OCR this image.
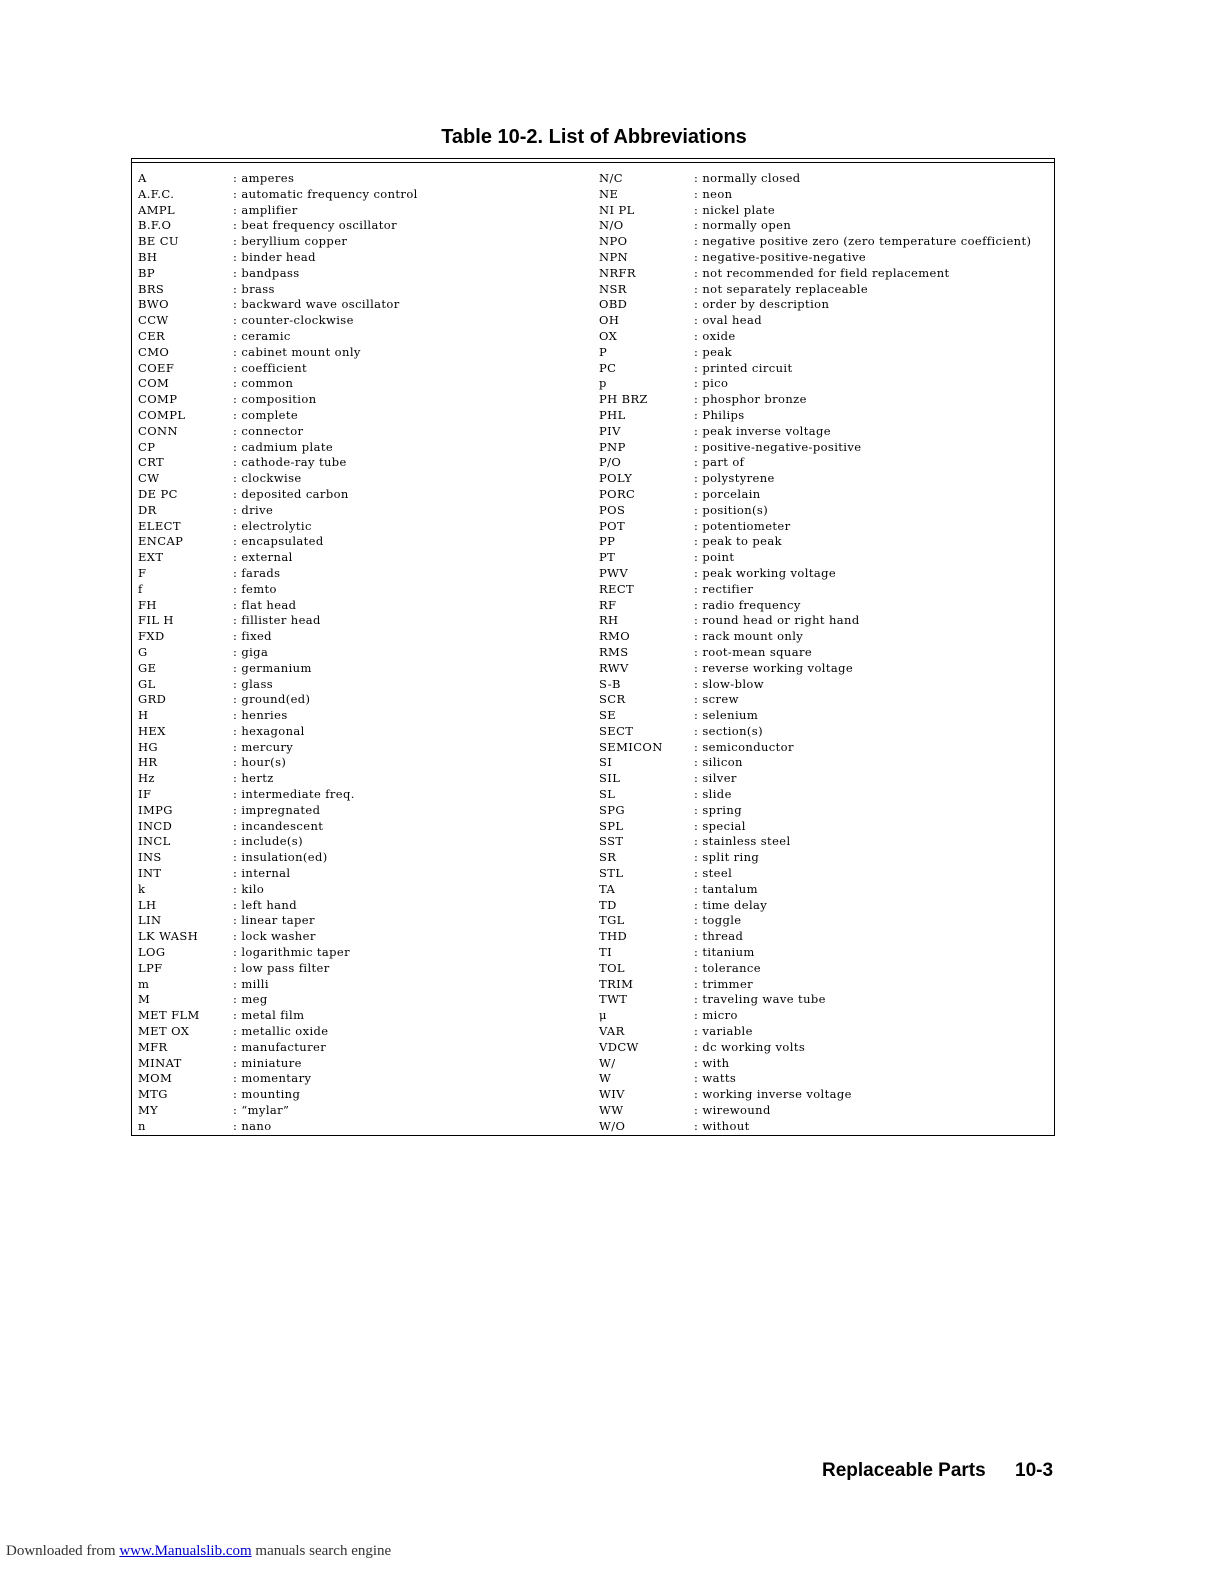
Table 10-2. List of Abbreviations
A	: amperes
A.F.C.	: automatic frequency control
AMPL	: amplifier
B.F.O	: beat frequency oscillator
BE CU	: beryllium copper
BH	: binder head
BP	: bandpass
BRS	: brass
BWO	: backward wave oscillator
CCW	: counter-clockwise
CER	: ceramic
CMO	: cabinet mount only
COEF	: coefficient
COM	: common
COMP	: composition
COMPL	: complete
CONN	: connector
CP	: cadmium plate
CRT	: cathode-ray tube
CW	: clockwise
DE PC	: deposited carbon
DR	: drive
ELECT	: electrolytic
ENCAP	: encapsulated
EXT	: external
F	: farads
f	: femto
FH	: flat head
FIL H	: fillister head
FXD	: fixed
G	: giga
GE	: germanium
GL	: glass
GRD	: ground(ed)
H	: henries
HEX	: hexagonal
HG	: mercury
HR	: hour(s)
Hz	: hertz
IF	: intermediate freq.
IMPG	: impregnated
INCD	: incandescent
INCL	: include(s)
INS	: insulation(ed)
INT	: internal
k	: kilo
LH	: left hand
LIN	: linear taper
LK WASH	: lock washer
LOG	: logarithmic taper
LPF	: low pass filter
m	: milli
M	: meg
MET FLM	: metal film
MET OX	: metallic oxide
MFR	: manufacturer
MINAT	: miniature
MOM	: momentary
MTG	: mounting
MY	: “mylar”
n	: nano
N/C	: normally closed
NE	: neon
NI PL	: nickel plate
N/O	: normally open
NPO	: negative positive zero (zero temperature coefficient)
NPN	: negative-positive-negative
NRFR	: not recommended for field replacement
NSR	: not separately replaceable
OBD	: order by description
OH	: oval head
OX	: oxide
P	: peak
PC	: printed circuit
p	: pico
PH BRZ	: phosphor bronze
PHL	: Philips
PIV	: peak inverse voltage
PNP	: positive-negative-positive
P/O	: part of
POLY	: polystyrene
PORC	: porcelain
POS	: position(s)
POT	: potentiometer
PP	: peak to peak
PT	: point
PWV	: peak working voltage
RECT	: rectifier
RF	: radio frequency
RH	: round head or right hand
RMO	: rack mount only
RMS	: root-mean square
RWV	: reverse working voltage
S-B	: slow-blow
SCR	: screw
SE	: selenium
SECT	: section(s)
SEMICON	: semiconductor
SI	: silicon
SIL	: silver
SL	: slide
SPG	: spring
SPL	: special
SST	: stainless steel
SR	: split ring
STL	: steel
TA	: tantalum
TD	: time delay
TGL	: toggle
THD	: thread
TI	: titanium
TOL	: tolerance
TRIM	: trimmer
TWT	: traveling wave tube
μ	: micro
VAR	: variable
VDCW	: dc working volts
W/	: with
W	: watts
WIV	: working inverse voltage
WW	: wirewound
W/O	: without
Replaceable Parts 10-3
Downloaded from www.Manualslib.com manuals search engine
